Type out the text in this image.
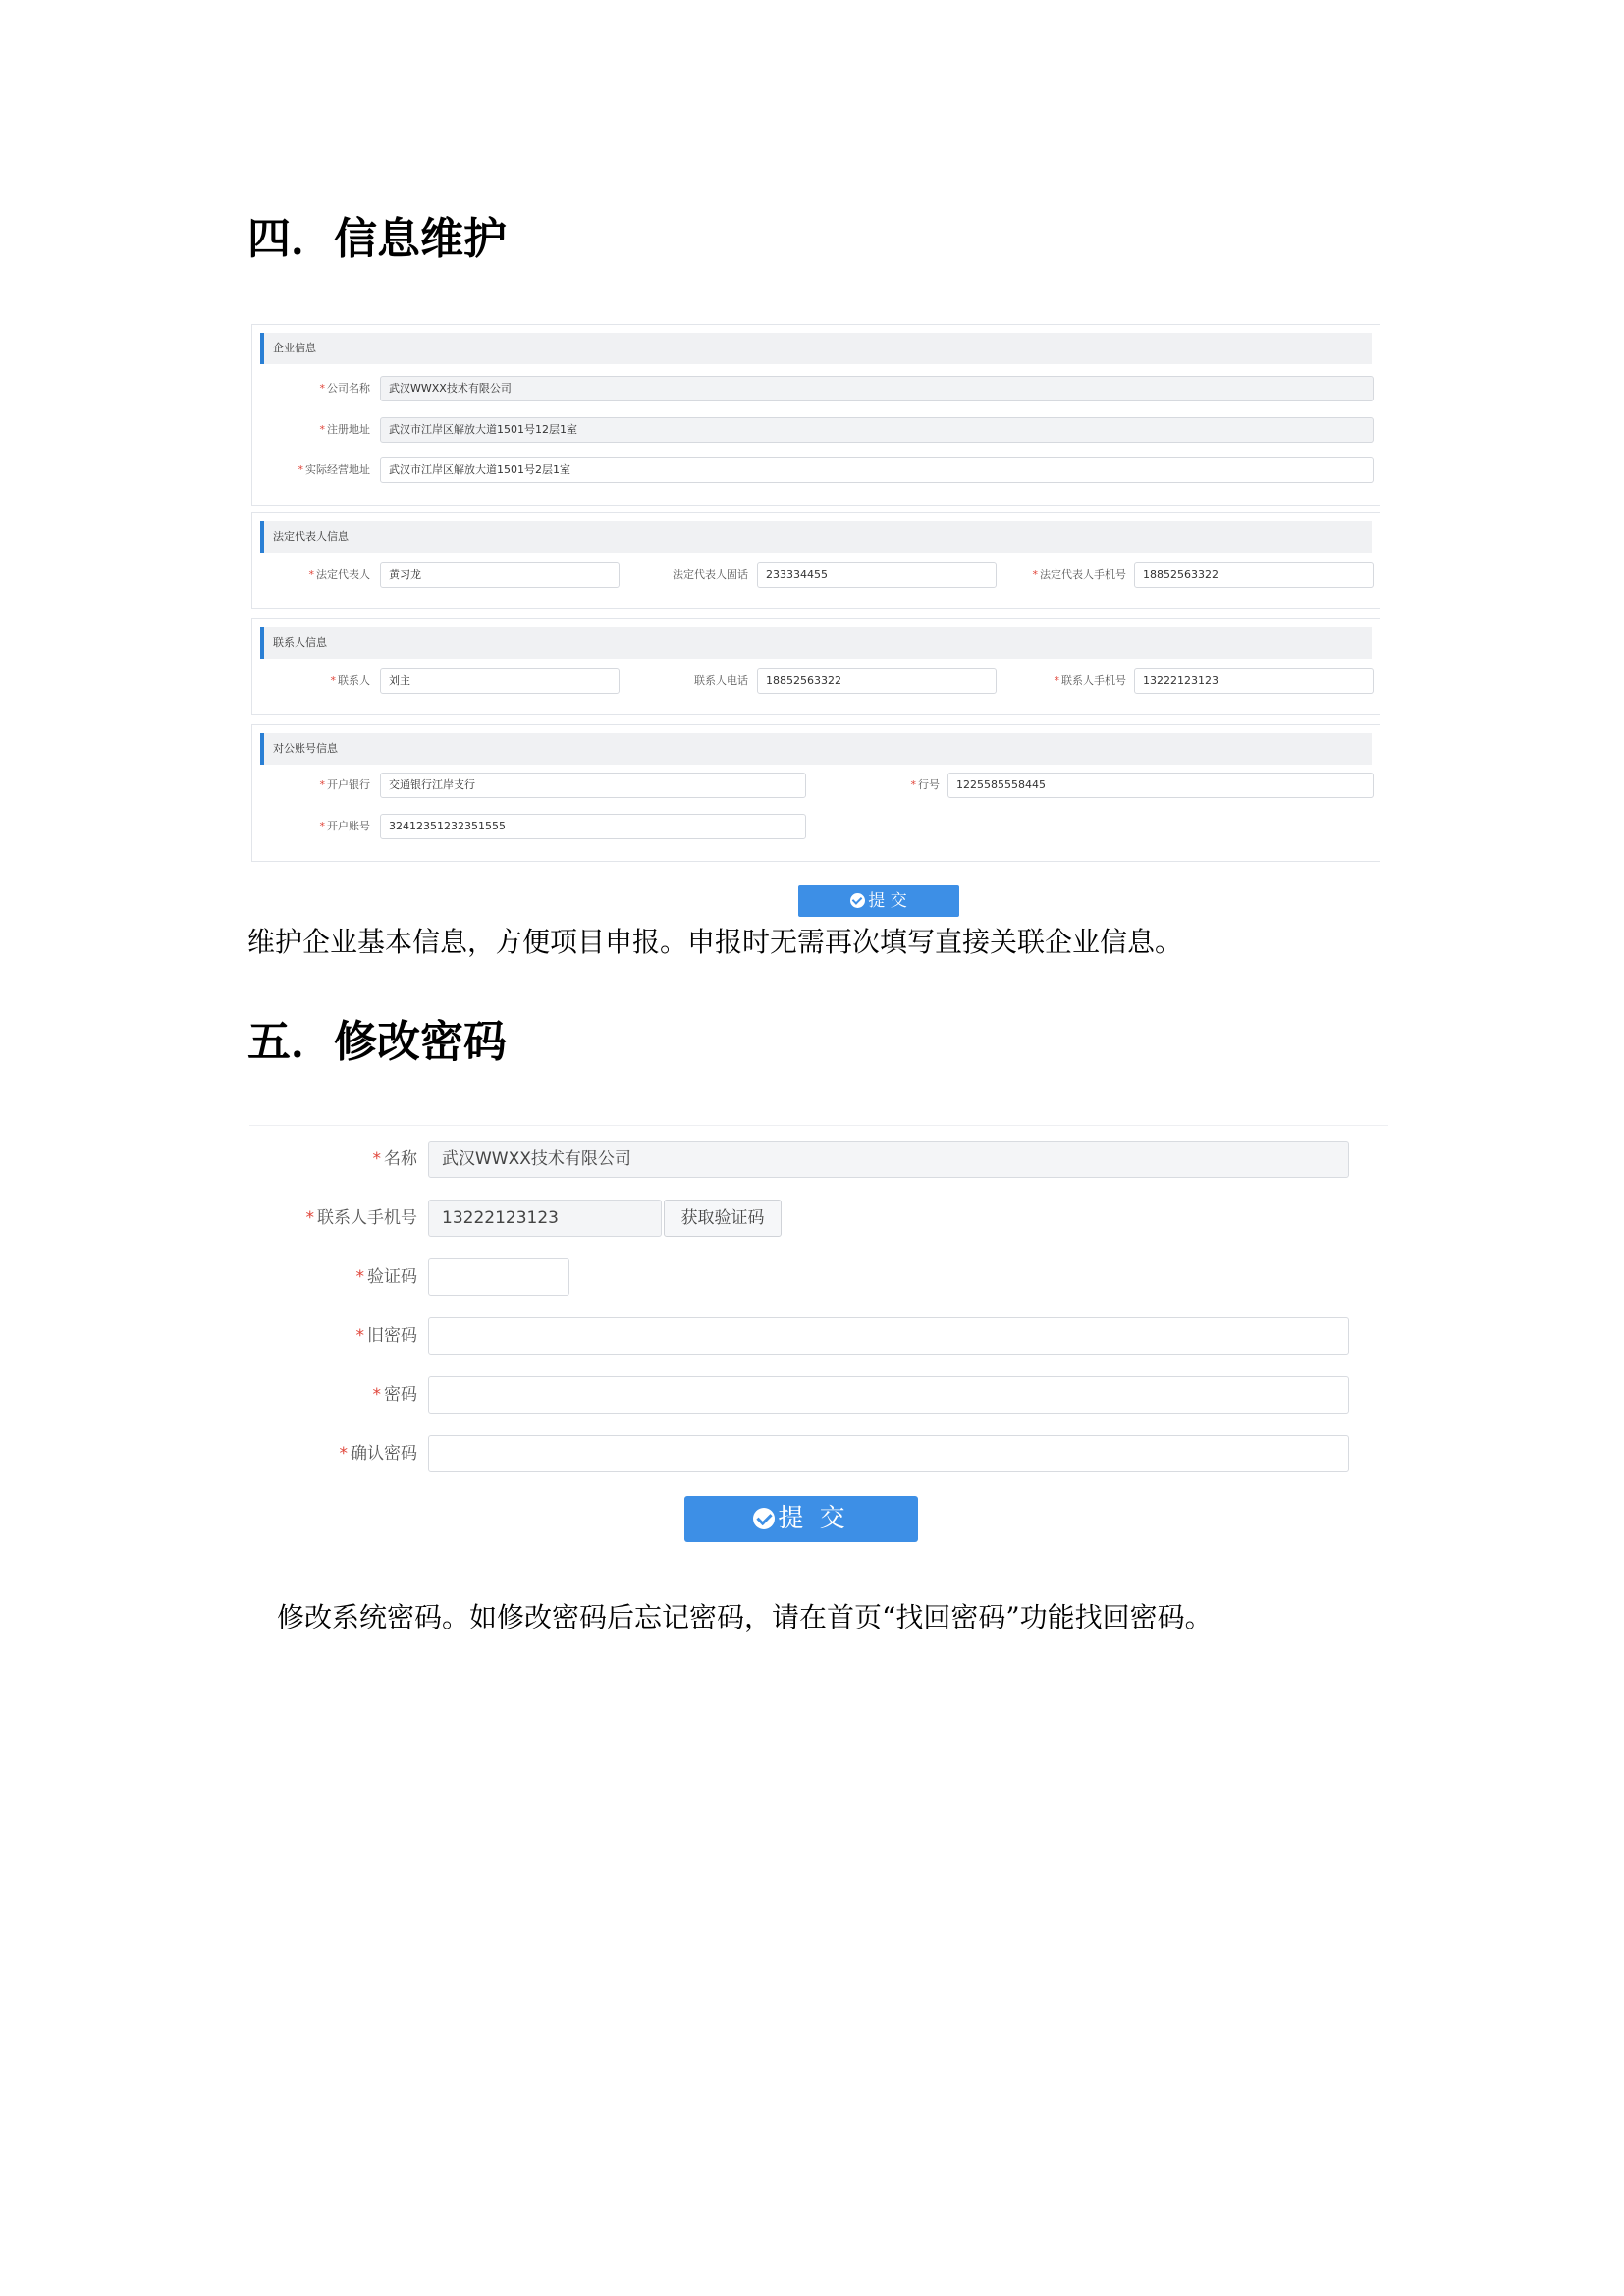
四．信息维护
企业信息
* 公司名称	武汉WWXX技术有限公司
* 注册地址	武汉市江岸区解放大道1501号12层1室
* 实际经营地址	武汉市江岸区解放大道1501号2层1室
法定代表人信息
* 法定代表人	黄习龙	法定代表人固话	233334455	* 法定代表人手机号	18852563322
联系人信息
* 联系人	刘主	联系人电话	18852563322	* 联系人手机号	13222123123
对公账号信息
* 开户银行	交通银行江岸支行	* 行号	1225585558445
* 开户账号	32412351232351555
提 交
维护企业基本信息，方便项目申报。申报时无需再次填写直接关联企业信息。
五．修改密码
* 名称	武汉WWXX技术有限公司
* 联系人手机号	13222123123	获取验证码
* 验证码
* 旧密码
* 密码
* 确认密码
提 交
修改系统密码。如修改密码后忘记密码，请在首页“找回密码”功能找回密码。
